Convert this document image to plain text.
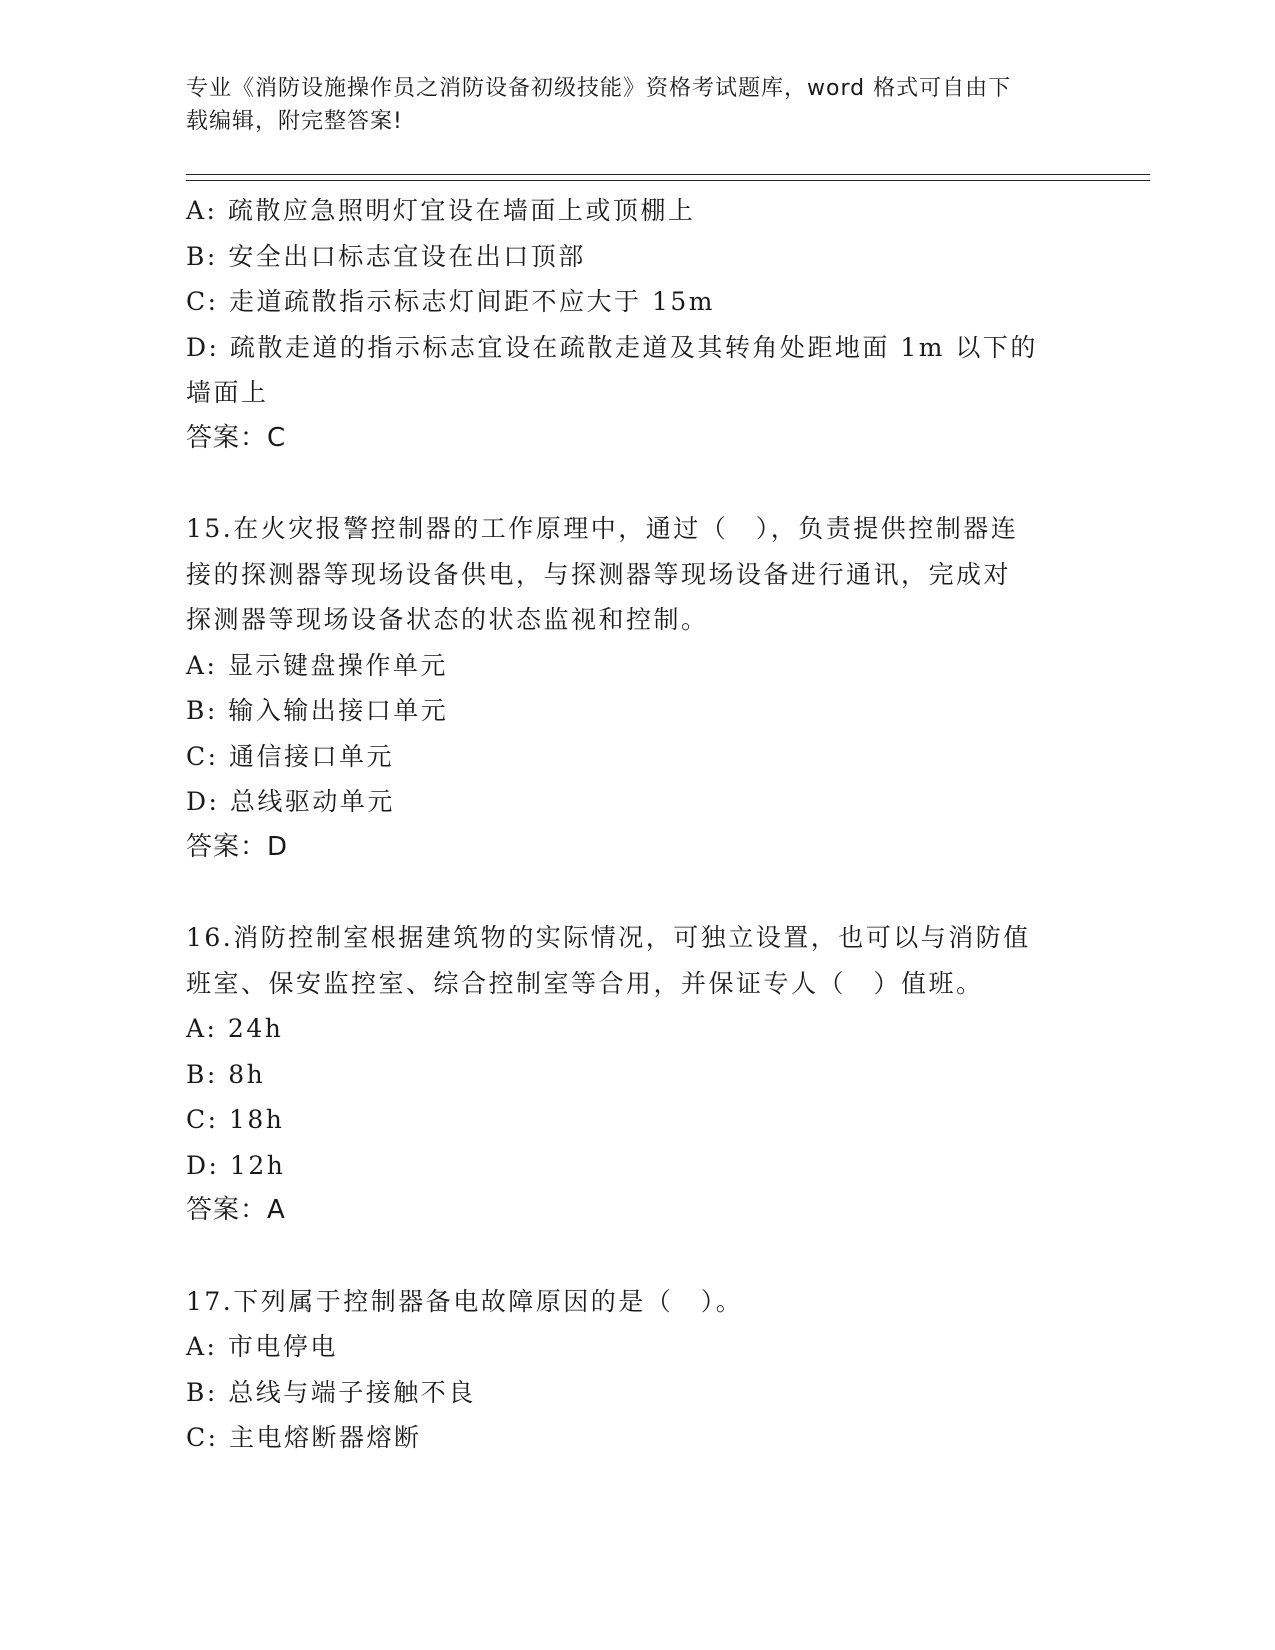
专业《消防设施操作员之消防设备初级技能》资格考试题库，word 格式可自由下
载编辑，附完整答案!
A: 疏散应急照明灯宜设在墙面上或顶棚上
B: 安全出口标志宜设在出口顶部
C: 走道疏散指示标志灯间距不应大于 15m
D: 疏散走道的指示标志宜设在疏散走道及其转角处距地面 1m 以下的
墙面上
答案：C
15.在火灾报警控制器的工作原理中，通过（　），负责提供控制器连
接的探测器等现场设备供电，与探测器等现场设备进行通讯，完成对
探测器等现场设备状态的状态监视和控制。
A: 显示键盘操作单元
B: 输入输出接口单元
C: 通信接口单元
D: 总线驱动单元
答案：D
16.消防控制室根据建筑物的实际情况，可独立设置，也可以与消防值
班室、保安监控室、综合控制室等合用，并保证专人（　）值班。
A: 24h
B: 8h
C: 18h
D: 12h
答案：A
17.下列属于控制器备电故障原因的是（　）。
A: 市电停电
B: 总线与端子接触不良
C: 主电熔断器熔断
